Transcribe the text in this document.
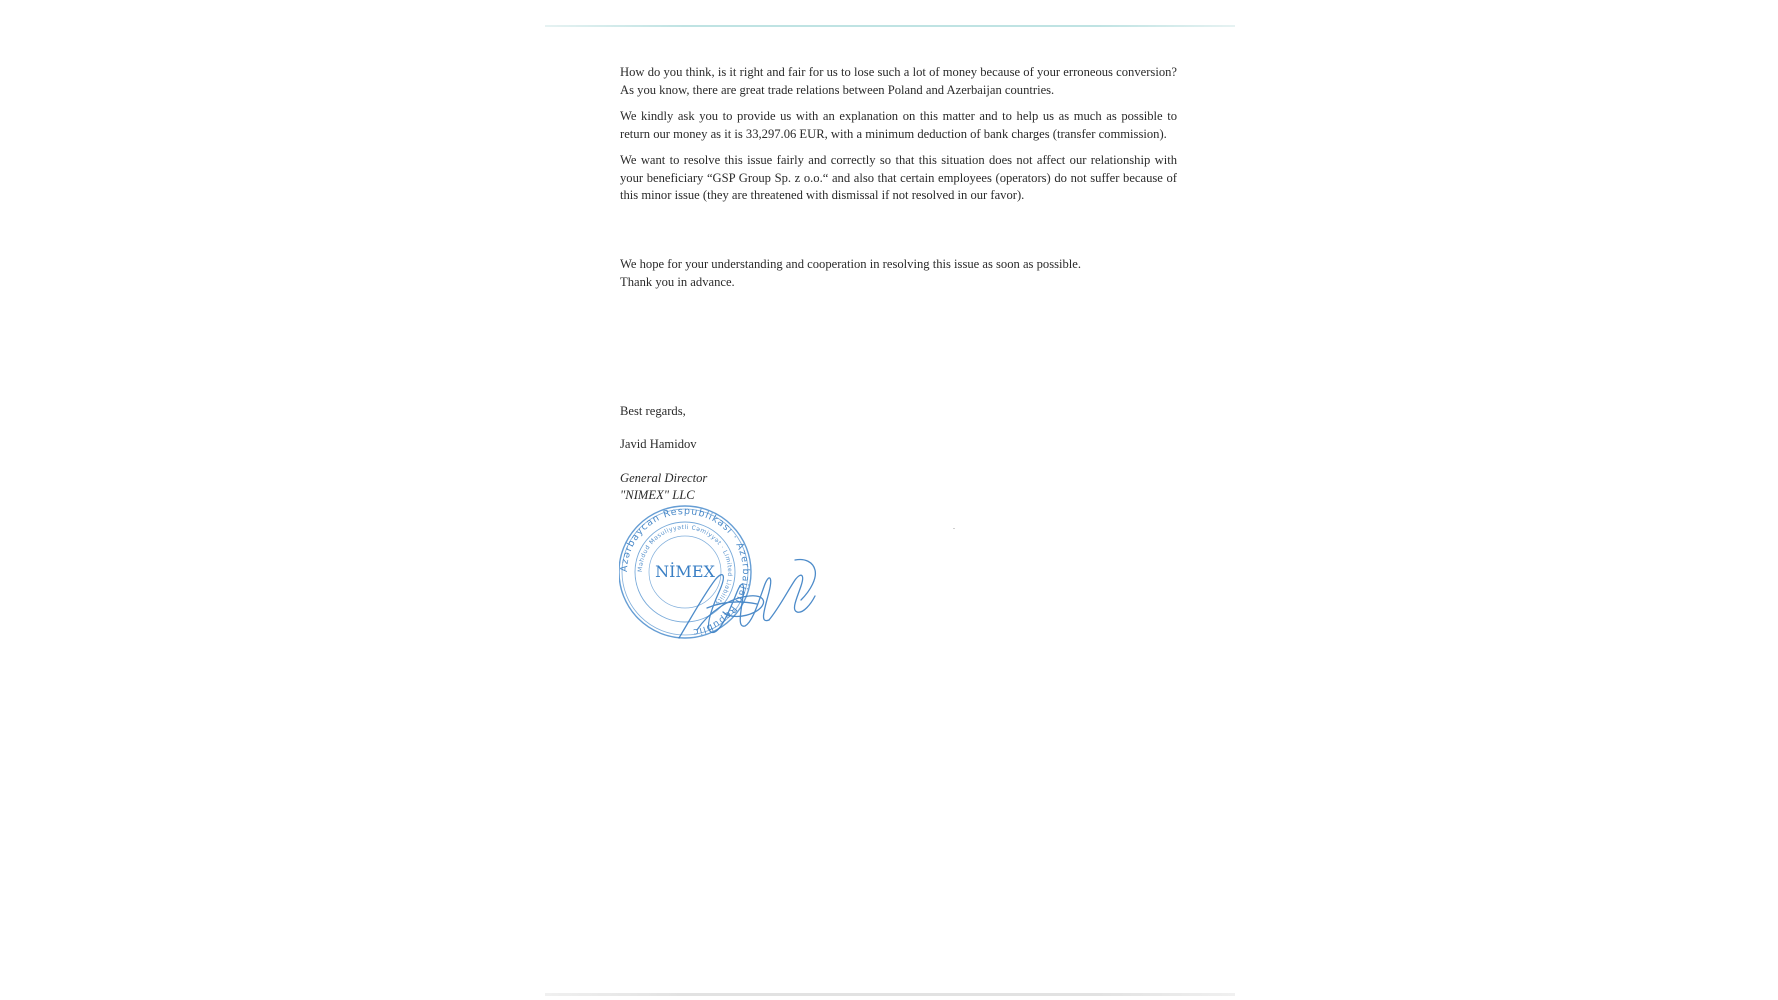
How do you think, is it right and fair for us to lose such a lot of money because of your erroneous conversion? As you know, there are great trade relations between Poland and Azerbaijan countries.

We kindly ask you to provide us with an explanation on this matter and to help us as much as possible to return our money as it is 33,297.06 EUR, with a minimum deduction of bank charges (transfer commission).

We want to resolve this issue fairly and correctly so that this situation does not affect our relationship with your beneficiary “GSP Group Sp. z o.o.“ and also that certain employees (operators) do not suffer because of this minor issue (they are threatened with dismissal if not resolved in our favor).

We hope for your understanding and cooperation in resolving this issue as soon as possible.

Thank you in advance.

Best regards,
Javid Hamidov
General Director
"NIMEX" LLC
Azərbaycan Respublikası · Azerbaijan Republic
Məhdud Məsuliyyətli Cəmiyyət · Limited Liability
NİMEX
